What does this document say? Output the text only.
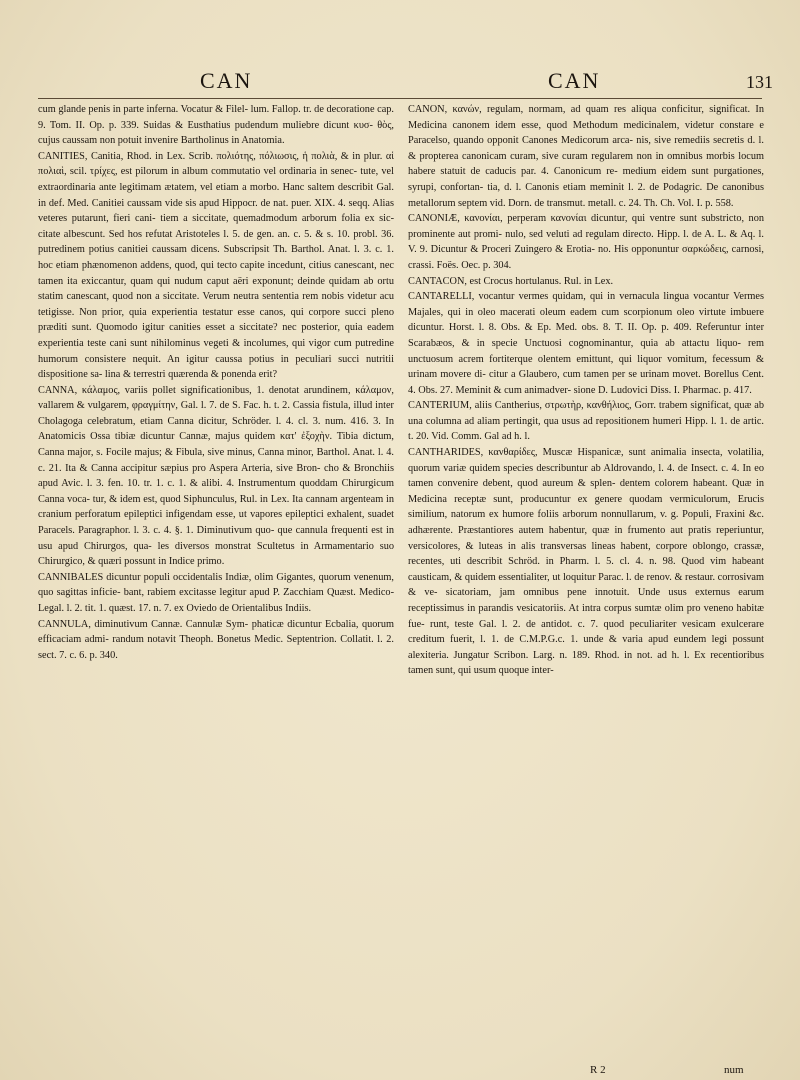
CAN	CAN	131

cum glande penis in parte inferna. Vocatur & Filel- lum. Fallop. tr. de decoratione cap. 9. Tom. II. Op. p. 339. Suidas & Eusthatius pudendum muliebre dicunt κυσ- θὸς, cujus caussam non potuit invenire Bartholinus in Anatomia.

CANITIES, Canitia, Rhod. in Lex. Scrib. πολιότης, πόλιωσις, ἡ πολιὰ, & in plur. αἱ πολιαὶ, scil. τρίχες, est pilorum in album commutatio vel ordinaria in senec- tute, vel extraordinaria ante legitimam ætatem, vel etiam a morbo. Hanc saltem describit Gal. in def. Med. Canitiei caussam vide sis apud Hippocr. de nat. puer. XIX. 4. seqq. Alias veteres putarunt, fieri cani- tiem a siccitate, quemadmodum arborum folia ex sic- citate albescunt. Sed hos refutat Aristoteles l. 5. de gen. an. c. 5. & s. 10. probl. 36. putredinem potius canitiei caussam dicens. Subscripsit Th. Barthol. Anat. l. 3. c. 1. hoc etiam phænomenon addens, quod, qui tecto capite incedunt, citius canescant, nec tamen ita exiccantur, quam qui nudum caput aëri exponunt; deinde quidam ab ortu statim canescant, quod non a siccitate. Verum neutra sententia rem nobis videtur acu tetigisse. Non prior, quia experientia testatur esse canos, qui corpore succi pleno præditi sunt. Quomodo igitur canities esset a siccitate? nec posterior, quia eadem experientia teste cani sunt nihilominus vegeti & incolumes, qui vigor cum putredine humorum consistere nequit. An igitur caussa potius in peculiari succi nutritii dispositione sa- lina & terrestri quærenda & ponenda erit?

CANNA, κάλαμος, variis pollet significationibus, 1. denotat arundinem, κάλαμον, vallarem & vulgarem, φραγμίτην, Gal. l. 7. de S. Fac. h. t. 2. Cassia fistula, illud inter Cholagoga celebratum, etiam Canna dicitur, Schröder. l. 4. cl. 3. num. 416. 3. In Anatomicis Ossa tibiæ dicuntur Cannæ, majus quidem κατ' ἐξοχὴν. Tibia dictum, Canna major, s. Focile majus; & Fibula, sive minus, Canna minor, Barthol. Anat. l. 4. c. 21. Ita & Canna accipitur sæpius pro Aspera Arteria, sive Bron- cho & Bronchiis apud Avic. l. 3. fen. 10. tr. 1. c. 1. & alibi. 4. Instrumentum quoddam Chirurgicum Canna voca- tur, & idem est, quod Siphunculus, Rul. in Lex. Ita cannam argenteam in cranium perforatum epileptici infigendam esse, ut vapores epileptici exhalent, suadet Paracels. Paragraphor. l. 3. c. 4. §. 1. Diminutivum quo- que cannula frequenti est in usu apud Chirurgos, qua- les diversos monstrat Scultetus in Armamentario suo Chirurgico, & quæri possunt in Indice primo.

CANNIBALES dicuntur populi occidentalis Indiæ, olim Gigantes, quorum venenum, quo sagittas inficie- bant, rabiem excitasse legitur apud P. Zacchiam Quæst. Medico-Legal. l. 2. tit. 1. quæst. 17. n. 7. ex Oviedo de Orientalibus Indiis.

CANNULA, diminutivum Cannæ. Cannulæ Sym- phaticæ dicuntur Ecbalia, quorum efficaciam admi- randum notavit Theoph. Bonetus Medic. Septentrion. Collatit. l. 2. sect. 7. c. 6. p. 340.

CANON, κανών, regulam, normam, ad quam res aliqua conficitur, significat. In Medicina canonem idem esse, quod Methodum medicinalem, videtur constare e Paracelso, quando opponit Canones Medicorum arca- nis, sive remediis secretis d. l. & propterea canonicam curam, sive curam regularem non in omnibus morbis locum habere statuit de caducis par. 4. Canonicum re- medium eidem sunt purgationes, syrupi, confortan- tia, d. l. Canonis etiam meminit l. 2. de Podagric. De canonibus metallorum septem vid. Dorn. de transmut. metall. c. 24. Th. Ch. Vol. I. p. 558.

CANONIÆ, κανονίαι, perperam κανονίαι dicuntur, qui ventre sunt substricto, non prominente aut promi- nulo, sed veluti ad regulam directo. Hipp. l. de A. L. & Aq. l. V. 9. Dicuntur & Proceri Zuingero & Erotia- no. His opponuntur σαρκώδεις, carnosi, crassi. Foës. Oec. p. 304.

CANTACON, est Crocus hortulanus. Rul. in Lex.

CANTARELLI, vocantur vermes quidam, qui in vernacula lingua vocantur Vermes Majales, qui in oleo macerati oleum eadem cum scorpionum oleo virtute imbuere dicuntur. Horst. l. 8. Obs. & Ep. Med. obs. 8. T. II. Op. p. 409. Referuntur inter Scarabæos, & in specie Unctuosi cognominantur, quia ab attactu liquo- rem unctuosum acrem fortiterque olentem emittunt, qui liquor vomitum, fecessum & urinam movere di- citur a Glaubero, cum tamen per se urinam movet. Borellus Cent. 4. Obs. 27. Meminit & cum animadver- sione D. Ludovici Diss. I. Pharmac. p. 417.

CANTERIUM, aliis Cantherius, στρωτὴρ, κανθήλιος, Gorr. trabem significat, quæ ab una columna ad aliam pertingit, qua usus ad repositionem humeri Hipp. l. 1. de artic. t. 20. Vid. Comm. Gal ad h. l.

CANTHARIDES, κανθαρίδες, Muscæ Hispanicæ, sunt animalia insecta, volatilia, quorum variæ quidem species describuntur ab Aldrovando, l. 4. de Insect. c. 4. In eo tamen convenire debent, quod aureum & splen- dentem colorem habeant. Quæ in Medicina receptæ sunt, producuntur ex genere quodam vermiculorum, Erucis similium, natorum ex humore foliis arborum nonnullarum, v. g. Populi, Fraxini &c. adhærente. Præstantiores autem habentur, quæ in frumento aut pratis reperiuntur, versicolores, & luteas in alis transversas lineas habent, corpore oblongo, crassæ, recentes, uti describit Schröd. in Pharm. l. 5. cl. 4. n. 98. Quod vim habeant causticam, & quidem essentialiter, ut loquitur Parac. l. de renov. & restaur. corrosivam & ve- sicatoriam, jam omnibus pene innotuit. Unde usus externus earum receptissimus in parandis vesicatoriis. At intra corpus sumtæ olim pro veneno habitæ fue- runt, teste Gal. l. 2. de antidot. c. 7. quod peculiariter vesicam exulcerare creditum fuerit, l. 1. de C.M.P.G.c. 1. unde & varia apud eundem legi possunt alexiteria. Jungatur Scribon. Larg. n. 189. Rhod. in not. ad h. l. Ex recentioribus tamen sunt, qui usum quoque inter-

R 2	num
